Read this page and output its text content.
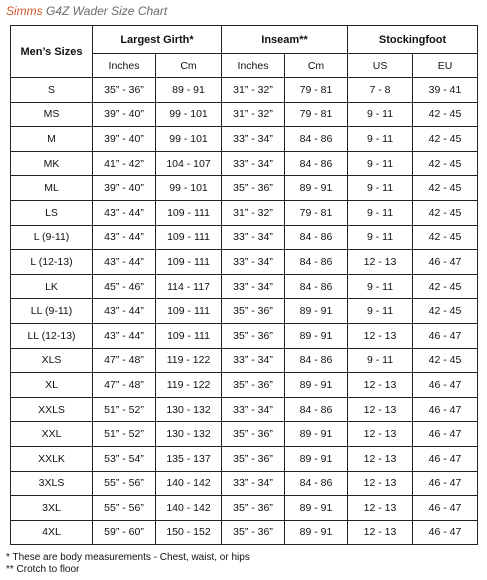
Simms G4Z Wader Size Chart
Men’s Sizes	Largest Girth*		Inseam**		Stockingfoot	
	Inches	Cm	Inches	Cm	US	EU
S	35” - 36”	89 - 91	31” - 32”	79 - 81	7 - 8	39 - 41
MS	39” - 40”	99 - 101	31” - 32”	79 - 81	9 - 11	42 - 45
M	39” - 40”	99 - 101	33” - 34”	84 - 86	9 - 11	42 - 45
MK	41” - 42”	104 - 107	33” - 34”	84 - 86	9 - 11	42 - 45
ML	39” - 40”	99 - 101	35” - 36”	89 - 91	9 - 11	42 - 45
LS	43” - 44”	109 - 111	31” - 32”	79 - 81	9 - 11	42 - 45
L (9-11)	43” - 44”	109 - 111	33” - 34”	84 - 86	9 - 11	42 - 45
L (12-13)	43” - 44”	109 - 111	33” - 34”	84 - 86	12 - 13	46 - 47
LK	45” - 46”	114 - 117	33” - 34”	84 - 86	9 - 11	42 - 45
LL (9-11)	43” - 44”	109 - 111	35” - 36”	89 - 91	9 - 11	42 - 45
LL (12-13)	43” - 44”	109 - 111	35” - 36”	89 - 91	12 - 13	46 - 47
XLS	47” - 48”	119 - 122	33” - 34”	84 - 86	9 - 11	42 - 45
XL	47” - 48”	119 - 122	35” - 36”	89 - 91	12 - 13	46 - 47
XXLS	51” - 52”	130 - 132	33” - 34”	84 - 86	12 - 13	46 - 47
XXL	51” - 52”	130 - 132	35” - 36”	89 - 91	12 - 13	46 - 47
XXLK	53” - 54”	135 - 137	35” - 36”	89 - 91	12 - 13	46 - 47
3XLS	55” - 56”	140 - 142	33” - 34”	84 - 86	12 - 13	46 - 47
3XL	55” - 56”	140 - 142	35” - 36”	89 - 91	12 - 13	46 - 47
4XL	59” - 60”	150 - 152	35” - 36”	89 - 91	12 - 13	46 - 47
* These are body measurements - Chest, waist, or hips
** Crotch to floor
